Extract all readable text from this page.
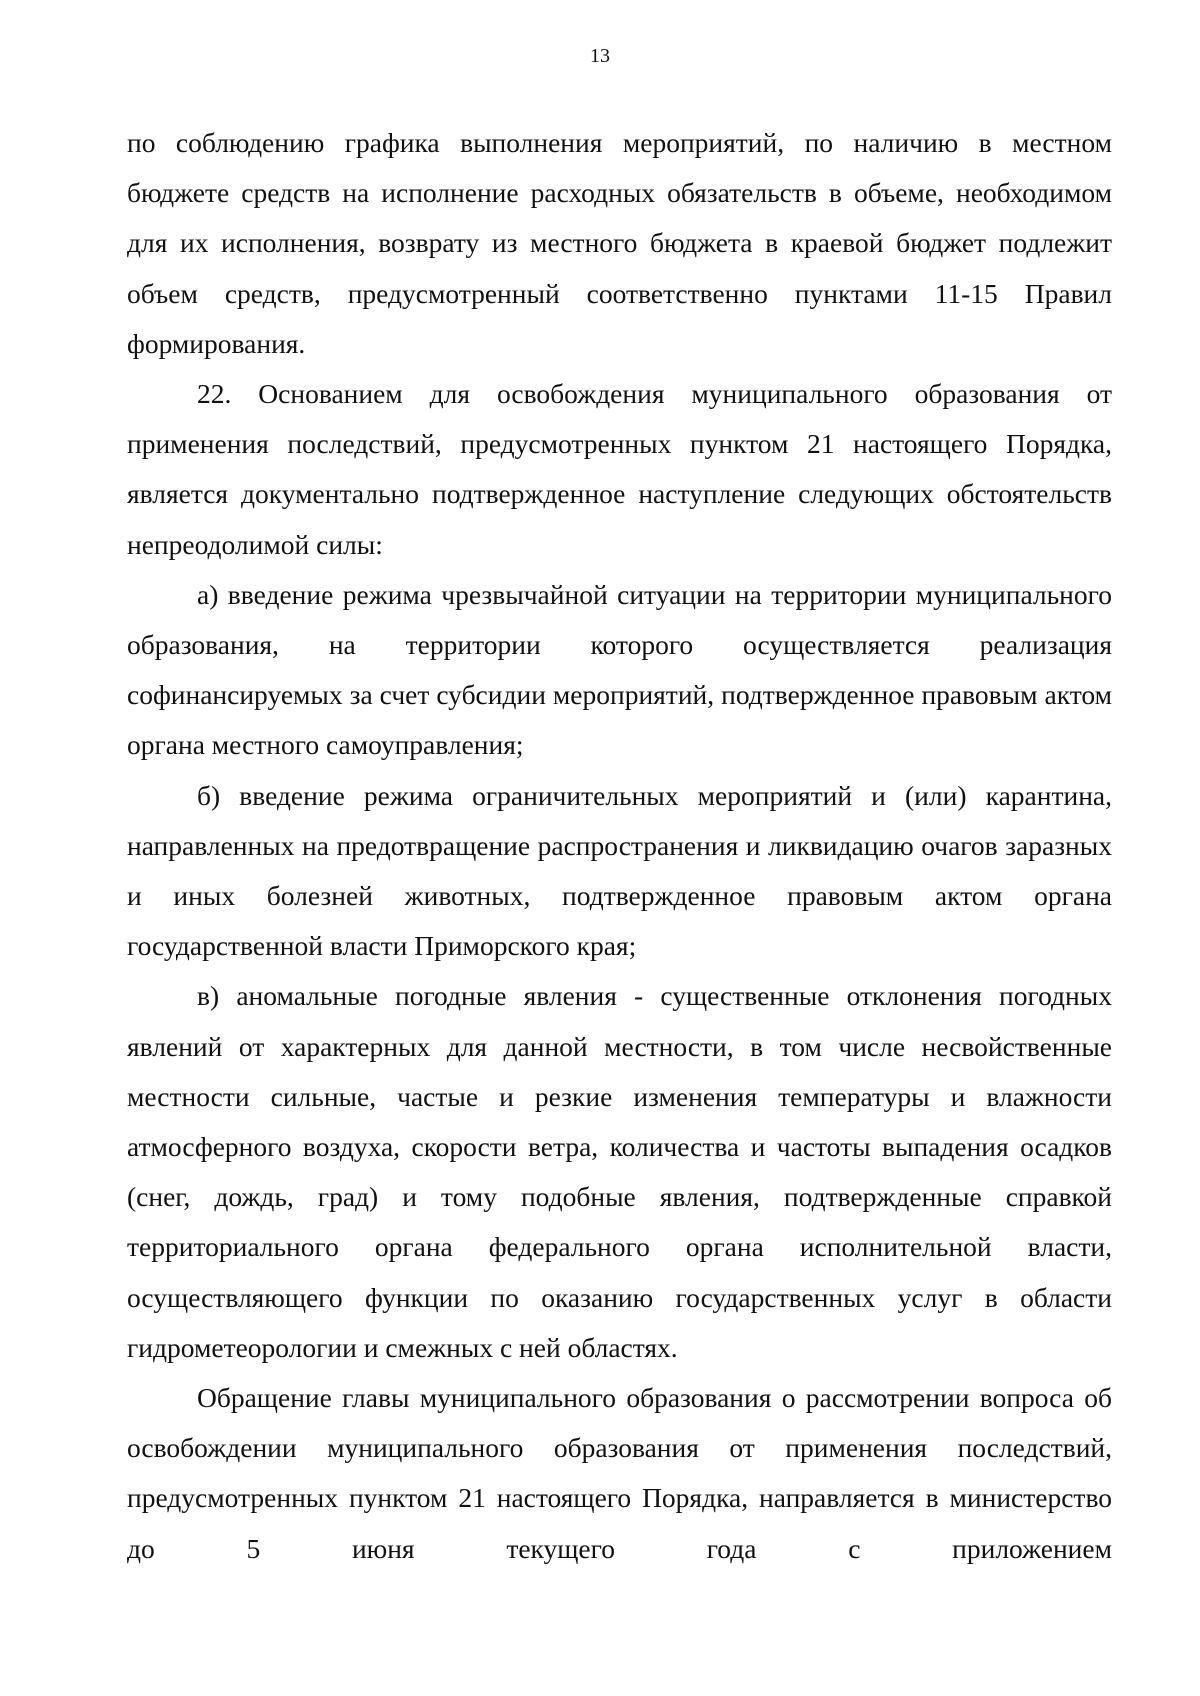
13

по соблюдению графика выполнения мероприятий, по наличию в местном бюджете средств на исполнение расходных обязательств в объеме, необходимом для их исполнения, возврату из местного бюджета в краевой бюджет подлежит объем средств, предусмотренный соответственно пунктами 11-15 Правил формирования.

22. Основанием для освобождения муниципального образования от применения последствий, предусмотренных пунктом 21 настоящего Порядка, является документально подтвержденное наступление следующих обстоятельств непреодолимой силы:

а) введение режима чрезвычайной ситуации на территории муниципального образования, на территории которого осуществляется реализация софинансируемых за счет субсидии мероприятий, подтвержденное правовым актом органа местного самоуправления;

б) введение режима ограничительных мероприятий и (или) карантина, направленных на предотвращение распространения и ликвидацию очагов заразных и иных болезней животных, подтвержденное правовым актом органа государственной власти Приморского края;

в) аномальные погодные явления - существенные отклонения погодных явлений от характерных для данной местности, в том числе несвойственные местности сильные, частые и резкие изменения температуры и влажности атмосферного воздуха, скорости ветра, количества и частоты выпадения осадков (снег, дождь, град) и тому подобные явления, подтвержденные справкой территориального органа федерального органа исполнительной власти, осуществляющего функции по оказанию государственных услуг в области гидрометеорологии и смежных с ней областях.

Обращение главы муниципального образования о рассмотрении вопроса об освобождении муниципального образования от применения последствий, предусмотренных пунктом 21 настоящего Порядка, направляется в министерство до 5 июня текущего года с приложением
